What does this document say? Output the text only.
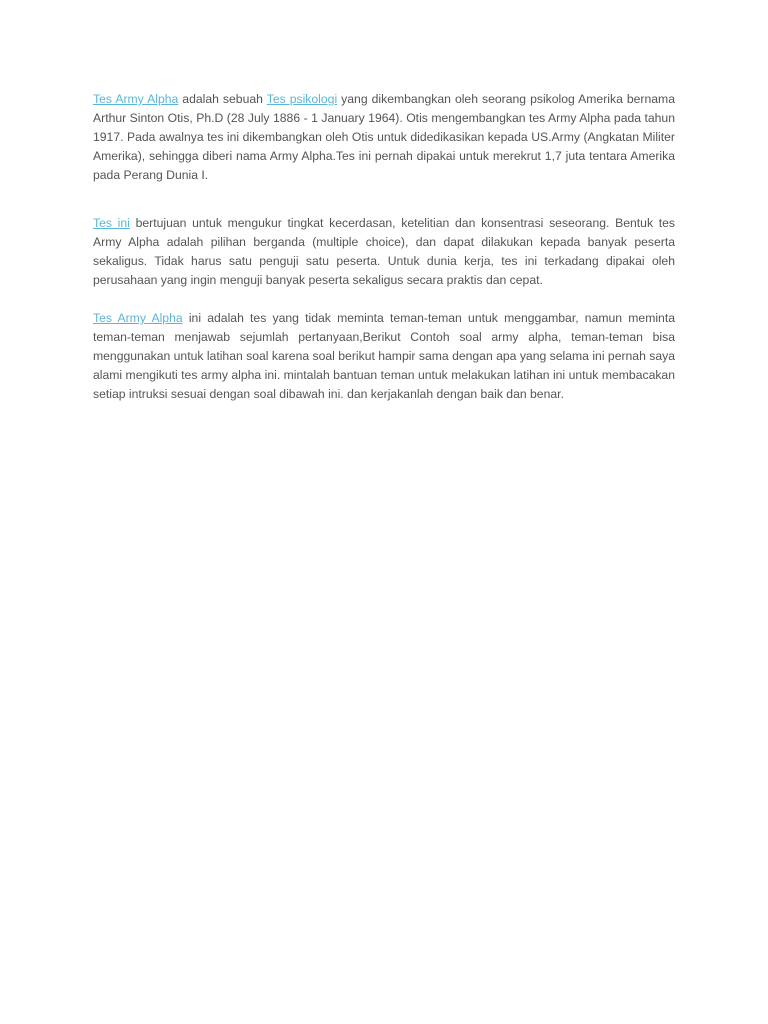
Tes Army Alpha adalah sebuah Tes psikologi yang dikembangkan oleh seorang psikolog Amerika bernama Arthur Sinton Otis, Ph.D (28 July 1886 - 1 January 1964). Otis mengembangkan tes Army Alpha pada tahun 1917. Pada awalnya tes ini dikembangkan oleh Otis untuk didedikasikan kepada US.Army (Angkatan Militer Amerika), sehingga diberi nama Army Alpha.Tes ini pernah dipakai untuk merekrut 1,7 juta tentara Amerika pada Perang Dunia I.

Tes ini bertujuan untuk mengukur tingkat kecerdasan, ketelitian dan konsentrasi seseorang. Bentuk tes Army Alpha adalah pilihan berganda (multiple choice), dan dapat dilakukan kepada banyak peserta sekaligus. Tidak harus satu penguji satu peserta. Untuk dunia kerja, tes ini terkadang dipakai oleh perusahaan yang ingin menguji banyak peserta sekaligus secara praktis dan cepat.

Tes Army Alpha ini adalah tes yang tidak meminta teman-teman untuk menggambar, namun meminta teman-teman menjawab sejumlah pertanyaan,Berikut Contoh soal army alpha, teman-teman bisa menggunakan untuk latihan soal karena soal berikut hampir sama dengan apa yang selama ini pernah saya alami mengikuti tes army alpha ini. mintalah bantuan teman untuk melakukan latihan ini untuk membacakan setiap intruksi sesuai dengan soal dibawah ini. dan kerjakanlah dengan baik dan benar.
